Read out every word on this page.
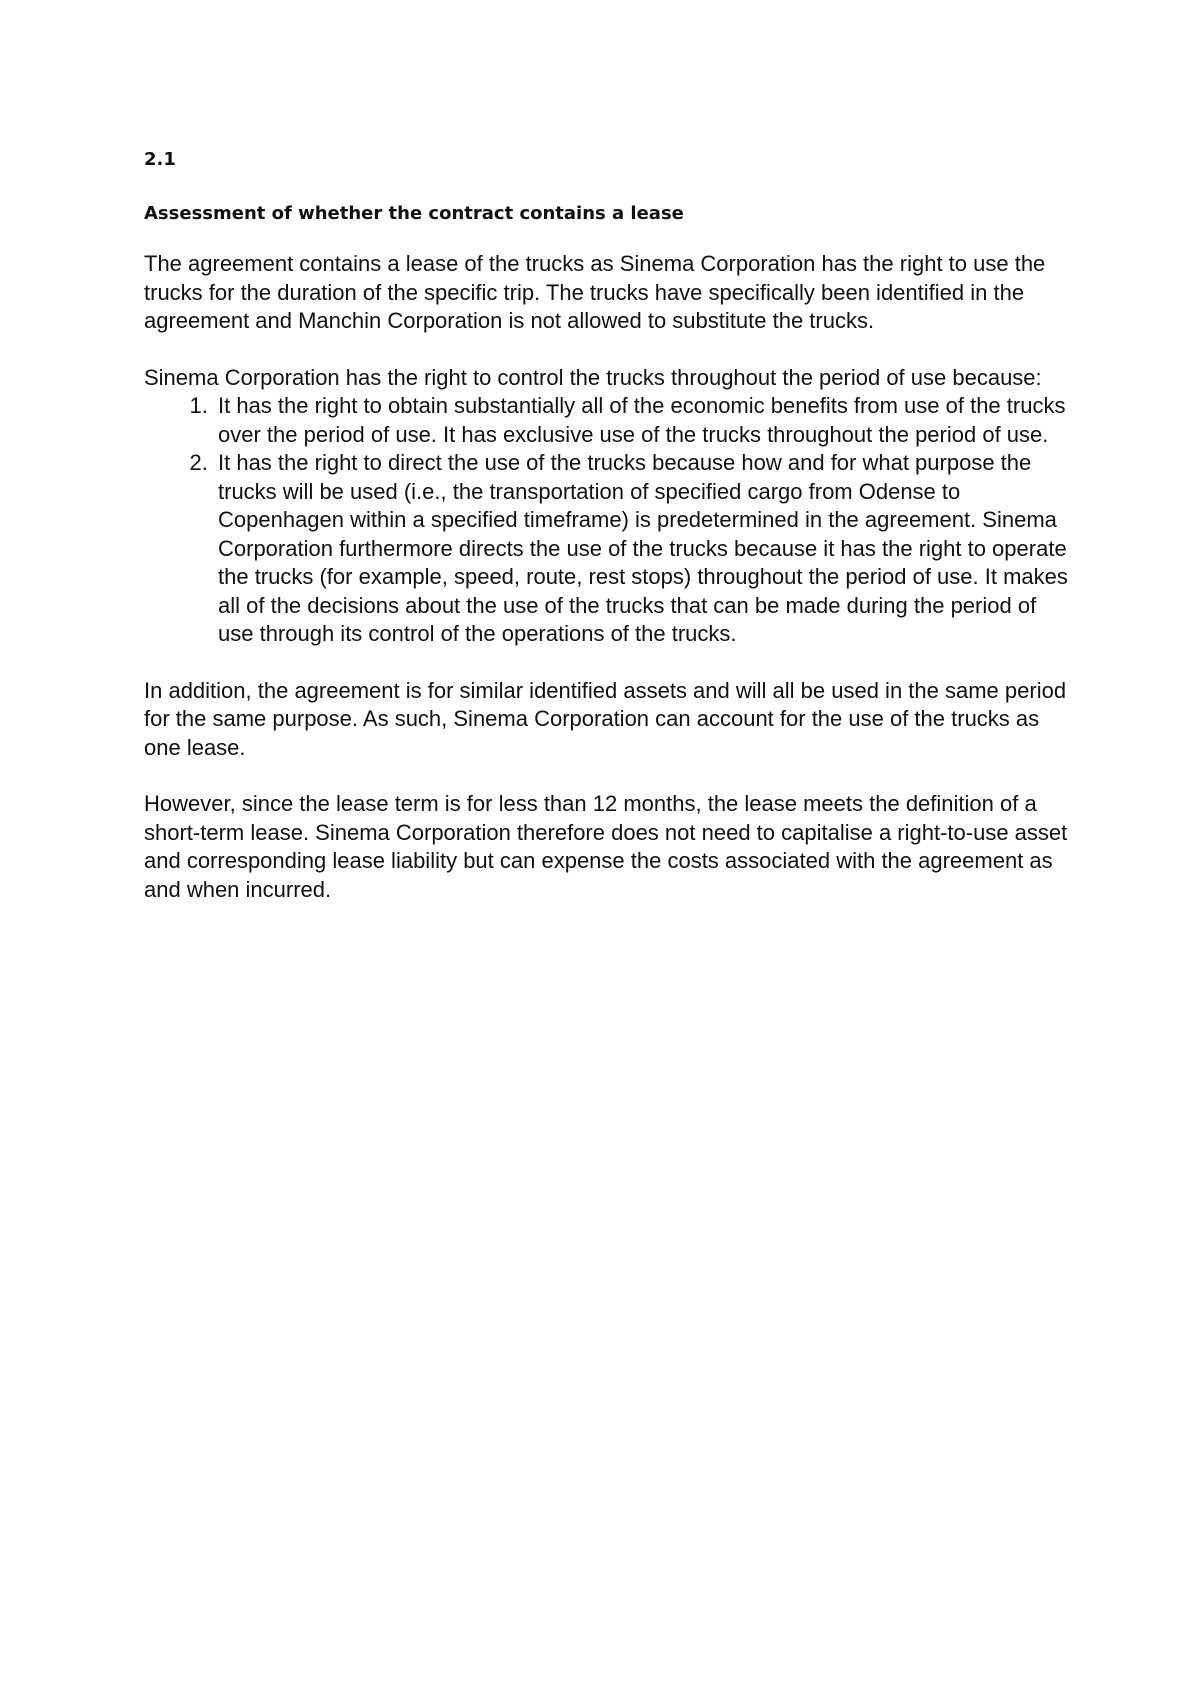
2.1
Assessment of whether the contract contains a lease

The agreement contains a lease of the trucks as Sinema Corporation has the right to use the trucks for the duration of the specific trip. The trucks have specifically been identified in the agreement and Manchin Corporation is not allowed to substitute the trucks.

Sinema Corporation has the right to control the trucks throughout the period of use because:

1. It has the right to obtain substantially all of the economic benefits from use of the trucks over the period of use. It has exclusive use of the trucks throughout the period of use.
2. It has the right to direct the use of the trucks because how and for what purpose the trucks will be used (i.e., the transportation of specified cargo from Odense to Copenhagen within a specified timeframe) is predetermined in the agreement. Sinema Corporation furthermore directs the use of the trucks because it has the right to operate the trucks (for example, speed, route, rest stops) throughout the period of use. It makes all of the decisions about the use of the trucks that can be made during the period of use through its control of the operations of the trucks.

In addition, the agreement is for similar identified assets and will all be used in the same period for the same purpose. As such, Sinema Corporation can account for the use of the trucks as one lease.

However, since the lease term is for less than 12 months, the lease meets the definition of a short-term lease. Sinema Corporation therefore does not need to capitalise a right-to-use asset and corresponding lease liability but can expense the costs associated with the agreement as and when incurred.
